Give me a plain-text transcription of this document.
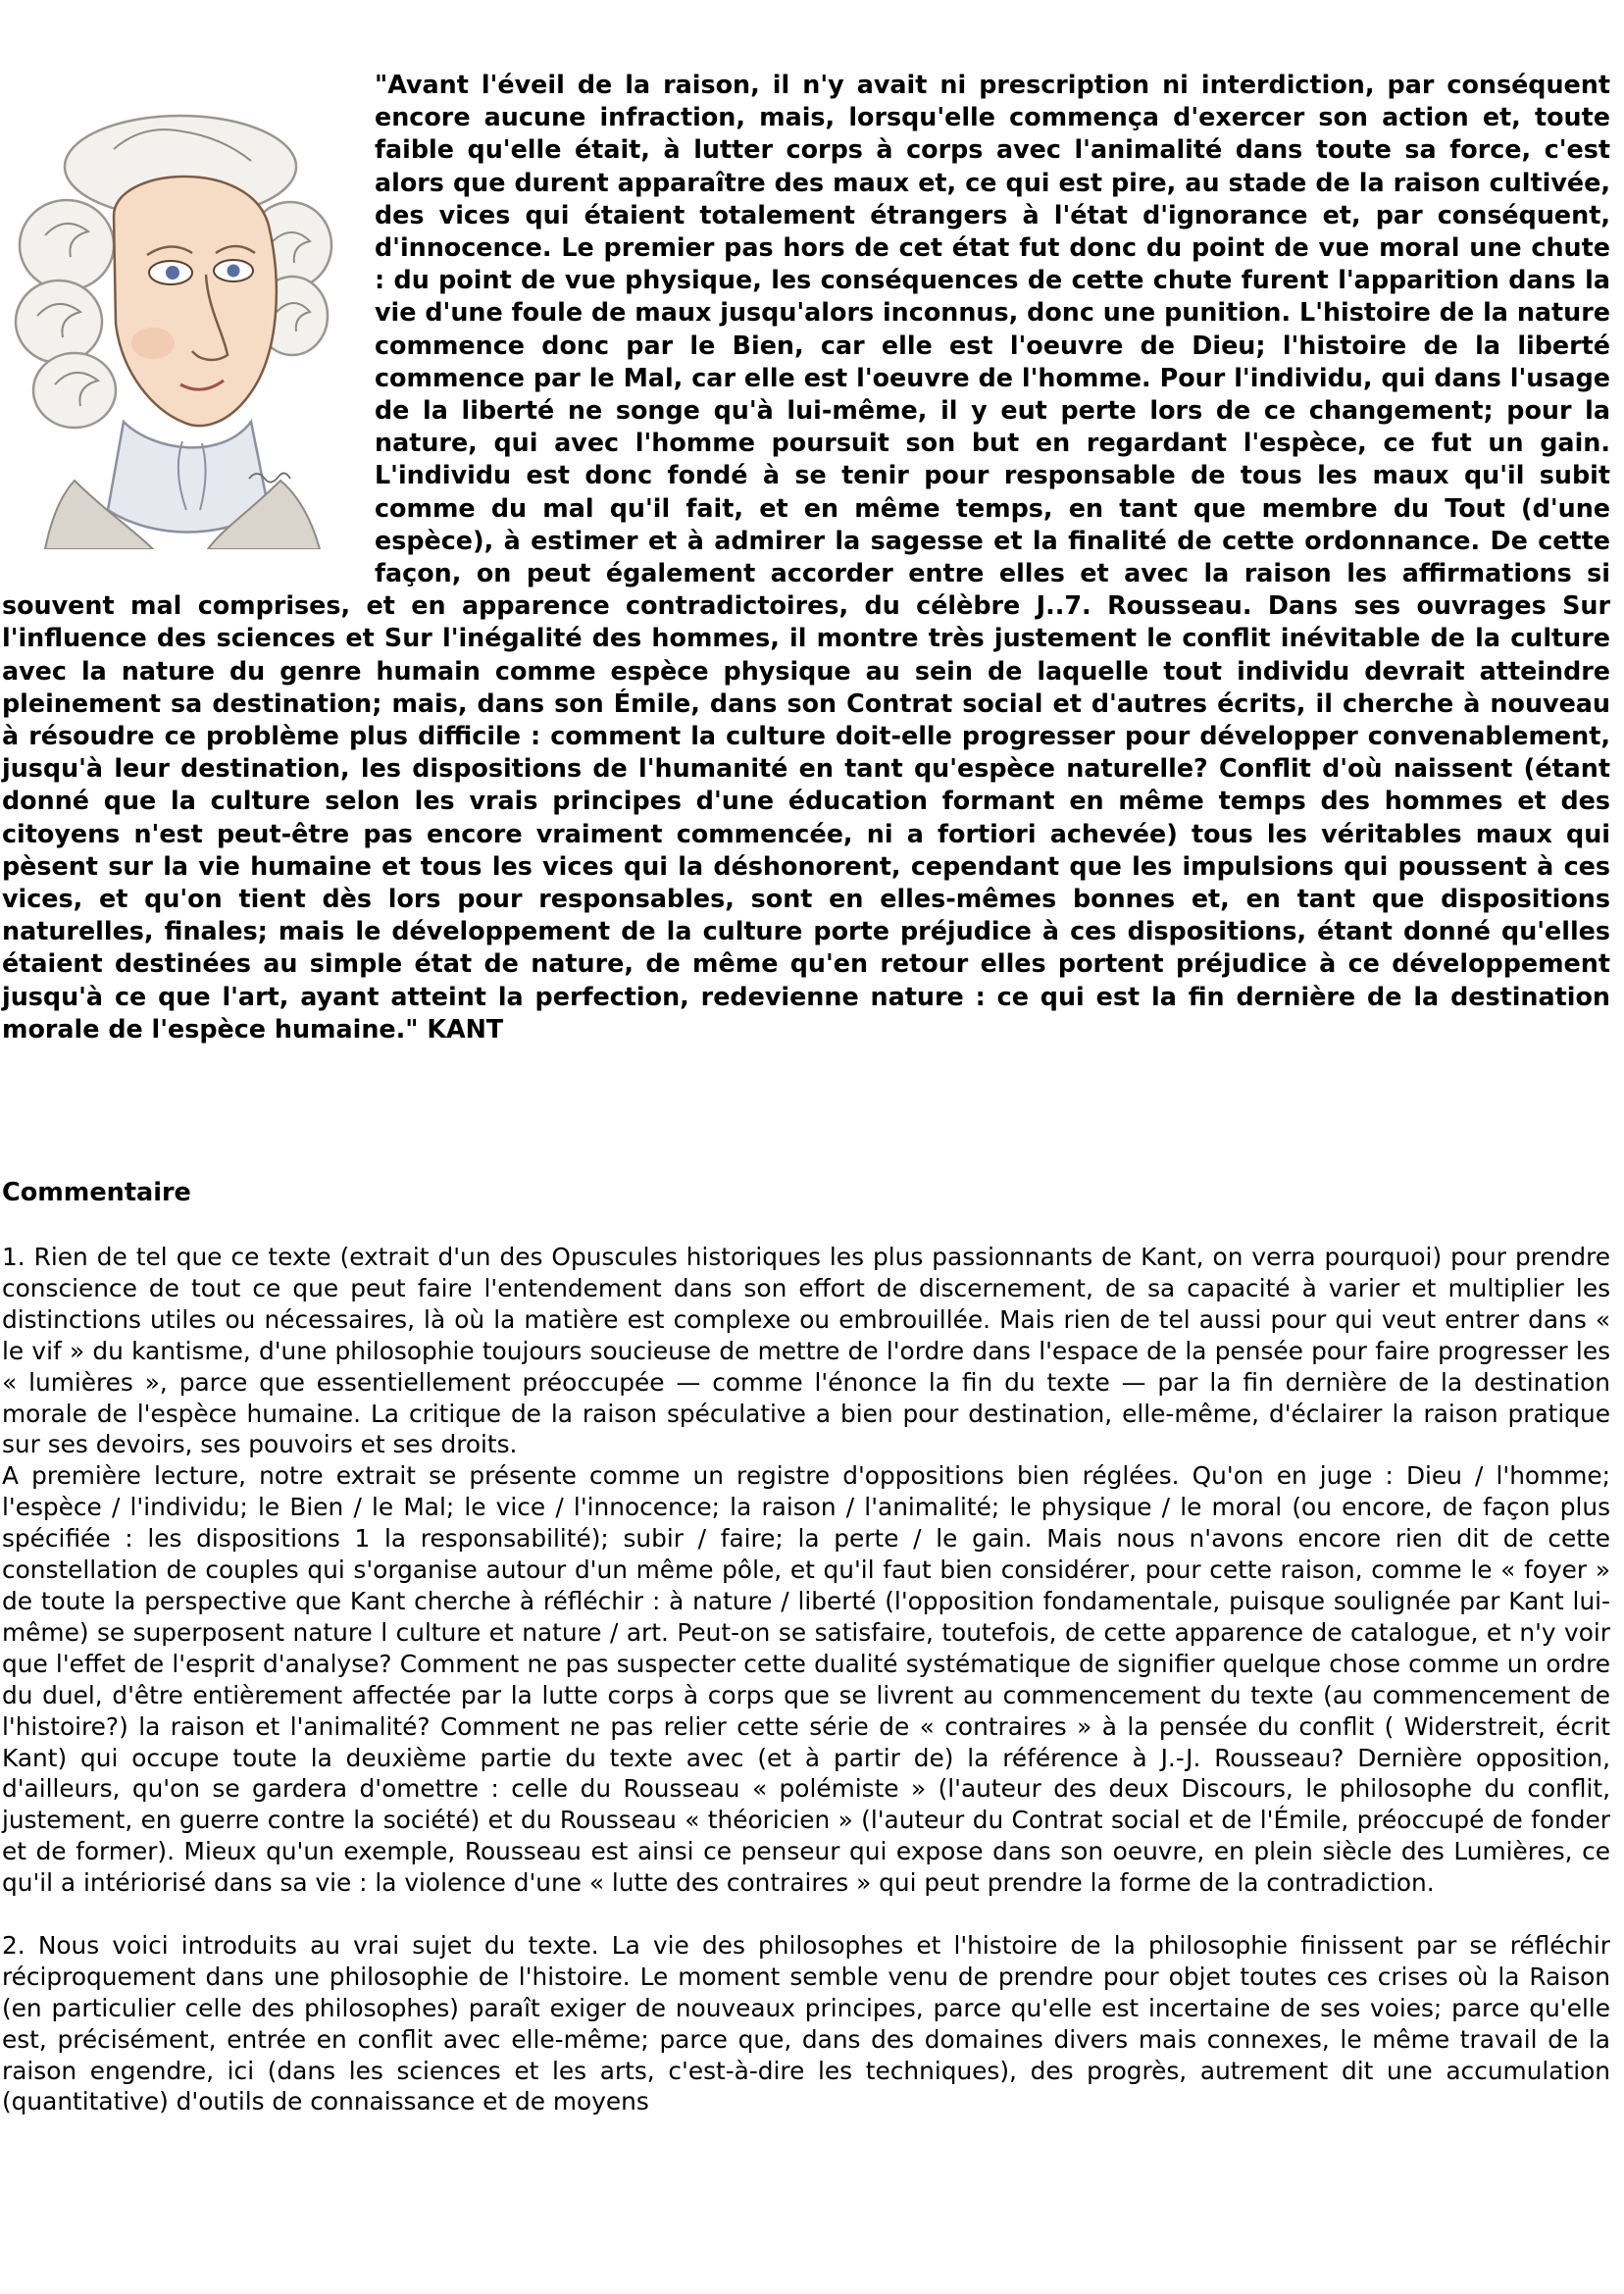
"Avant l'éveil de la raison, il n'y avait ni prescription ni interdiction, par conséquent encore aucune infraction, mais, lorsqu'elle commença d'exercer son action et, toute faible qu'elle était, à lutter corps à corps avec l'animalité dans toute sa force, c'est alors que durent apparaître des maux et, ce qui est pire, au stade de la raison cultivée, des vices qui étaient totalement étrangers à l'état d'ignorance et, par conséquent, d'innocence. Le premier pas hors de cet état fut donc du point de vue moral une chute : du point de vue physique, les conséquences de cette chute furent l'apparition dans la vie d'une foule de maux jusqu'alors inconnus, donc une punition. L'histoire de la nature commence donc par le Bien, car elle est l'oeuvre de Dieu; l'histoire de la liberté commence par le Mal, car elle est l'oeuvre de l'homme. Pour l'individu, qui dans l'usage de la liberté ne songe qu'à lui-même, il y eut perte lors de ce changement; pour la nature, qui avec l'homme poursuit son but en regardant l'espèce, ce fut un gain. L'individu est donc fondé à se tenir pour responsable de tous les maux qu'il subit comme du mal qu'il fait, et en même temps, en tant que membre du Tout (d'une espèce), à estimer et à admirer la sagesse et la finalité de cette ordonnance. De cette façon, on peut également accorder entre elles et avec la raison les affirmations si souvent mal comprises, et en apparence contradictoires, du célèbre J..7. Rousseau. Dans ses ouvrages Sur l'influence des sciences et Sur l'inégalité des hommes, il montre très justement le conflit inévitable de la culture avec la nature du genre humain comme espèce physique au sein de laquelle tout individu devrait atteindre pleinement sa destination; mais, dans son Émile, dans son Contrat social et d'autres écrits, il cherche à nouveau à résoudre ce problème plus difficile : comment la culture doit-elle progresser pour développer convenablement, jusqu'à leur destination, les dispositions de l'humanité en tant qu'espèce naturelle? Conflit d'où naissent (étant donné que la culture selon les vrais principes d'une éducation formant en même temps des hommes et des citoyens n'est peut-être pas encore vraiment commencée, ni a fortiori achevée) tous les véritables maux qui pèsent sur la vie humaine et tous les vices qui la déshonorent, cependant que les impulsions qui poussent à ces vices, et qu'on tient dès lors pour responsables, sont en elles-mêmes bonnes et, en tant que dispositions naturelles, finales; mais le développement de la culture porte préjudice à ces dispositions, étant donné qu'elles étaient destinées au simple état de nature, de même qu'en retour elles portent préjudice à ce développement jusqu'à ce que l'art, ayant atteint la perfection, redevienne nature : ce qui est la fin dernière de la destination morale de l'espèce humaine." KANT

Commentaire

1. Rien de tel que ce texte (extrait d'un des Opuscules historiques les plus passionnants de Kant, on verra pourquoi) pour prendre conscience de tout ce que peut faire l'entendement dans son effort de discernement, de sa capacité à varier et multiplier les distinctions utiles ou nécessaires, là où la matière est complexe ou embrouillée. Mais rien de tel aussi pour qui veut entrer dans « le vif » du kantisme, d'une philosophie toujours soucieuse de mettre de l'ordre dans l'espace de la pensée pour faire progresser les « lumières », parce que essentiellement préoccupée — comme l'énonce la fin du texte — par la fin dernière de la destination morale de l'espèce humaine. La critique de la raison spéculative a bien pour destination, elle-même, d'éclairer la raison pratique sur ses devoirs, ses pouvoirs et ses droits.

A première lecture, notre extrait se présente comme un registre d'oppositions bien réglées. Qu'on en juge : Dieu / l'homme; l'espèce / l'individu; le Bien / le Mal; le vice / l'innocence; la raison / l'animalité; le physique / le moral (ou encore, de façon plus spécifiée : les dispositions 1 la responsabilité); subir / faire; la perte / le gain. Mais nous n'avons encore rien dit de cette constellation de couples qui s'organise autour d'un même pôle, et qu'il faut bien considérer, pour cette raison, comme le « foyer » de toute la perspective que Kant cherche à réfléchir : à nature / liberté (l'opposition fondamentale, puisque soulignée par Kant lui-même) se superposent nature l culture et nature / art. Peut-on se satisfaire, toutefois, de cette apparence de catalogue, et n'y voir que l'effet de l'esprit d'analyse? Comment ne pas suspecter cette dualité systématique de signifier quelque chose comme un ordre du duel, d'être entièrement affectée par la lutte corps à corps que se livrent au commencement du texte (au commencement de l'histoire?) la raison et l'animalité? Comment ne pas relier cette série de « contraires » à la pensée du conflit ( Widerstreit, écrit Kant) qui occupe toute la deuxième partie du texte avec (et à partir de) la référence à J.-J. Rousseau? Dernière opposition, d'ailleurs, qu'on se gardera d'omettre : celle du Rousseau « polémiste » (l'auteur des deux Discours, le philosophe du conflit, justement, en guerre contre la société) et du Rousseau « théoricien » (l'auteur du Contrat social et de l'Émile, préoccupé de fonder et de former). Mieux qu'un exemple, Rousseau est ainsi ce penseur qui expose dans son oeuvre, en plein siècle des Lumières, ce qu'il a intériorisé dans sa vie : la violence d'une « lutte des contraires » qui peut prendre la forme de la contradiction.

2. Nous voici introduits au vrai sujet du texte. La vie des philosophes et l'histoire de la philosophie finissent par se réfléchir réciproquement dans une philosophie de l'histoire. Le moment semble venu de prendre pour objet toutes ces crises où la Raison (en particulier celle des philosophes) paraît exiger de nouveaux principes, parce qu'elle est incertaine de ses voies; parce qu'elle est, précisément, entrée en conflit avec elle-même; parce que, dans des domaines divers mais connexes, le même travail de la raison engendre, ici (dans les sciences et les arts, c'est-à-dire les techniques), des progrès, autrement dit une accumulation (quantitative) d'outils de connaissance et de moyens
